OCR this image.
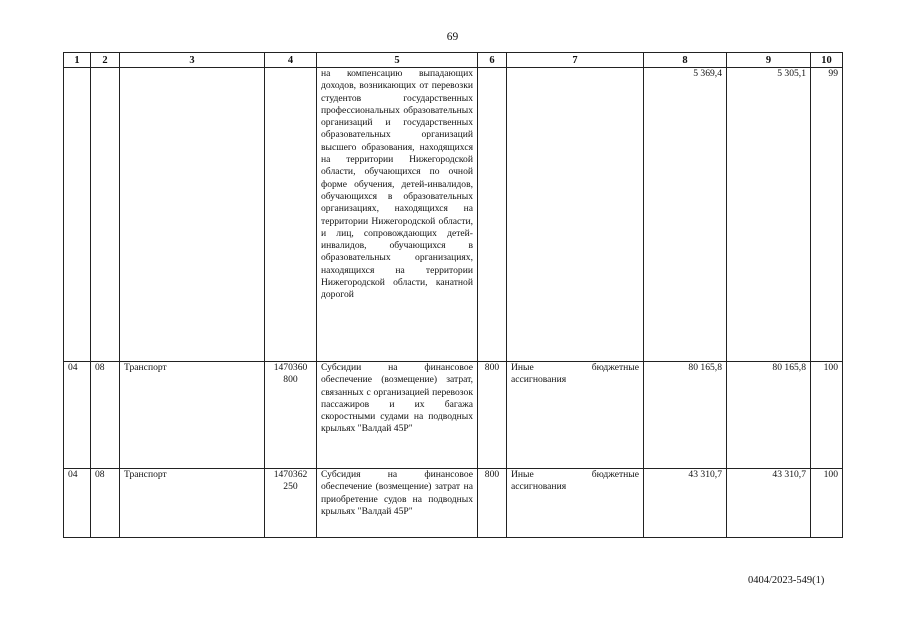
69
1	2	3	4	5	6	7	8	9	10
				на компенсацию выпадающих доходов, возникающих от перевозки студентов государственных профессиональных образовательных организаций и государственных образовательных организаций высшего образования, находящихся на территории Нижегородской области, обучающихся по очной форме обучения, детей-инвалидов, обучающихся в образовательных организациях, находящихся на территории Нижегородской области, и лиц, сопровождающих детей-инвалидов, обучающихся в образовательных организациях, находящихся на территории Нижегородской области, канатной дорогой			5 369,4	5 305,1	99
04	08	Транспорт	1470360 800	Субсидии на финансовое обеспечение (возмещение) затрат, связанных с организацией перевозок пассажиров и их багажа скоростными судами на подводных крыльях "Валдай 45Р"	800	Иные бюджетные ассигнования	80 165,8	80 165,8	100
04	08	Транспорт	1470362 250	Субсидия на финансовое обеспечение (возмещение) затрат на приобретение судов на подводных крыльях "Валдай 45Р"	800	Иные бюджетные ассигнования	43 310,7	43 310,7	100
0404/2023-549(1)
